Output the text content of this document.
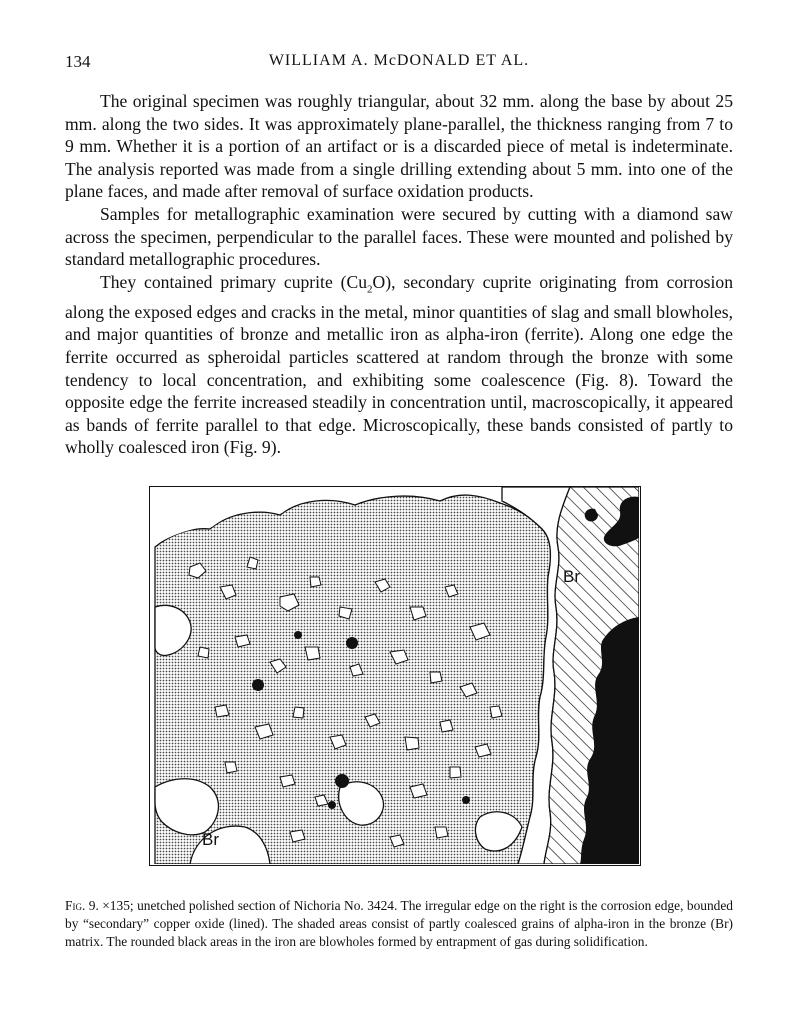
134	WILLIAM A. McDONALD ET AL.

The original specimen was roughly triangular, about 32 mm. along the base by about 25 mm. along the two sides. It was approximately plane-parallel, the thickness ranging from 7 to 9 mm. Whether it is a portion of an artifact or is a discarded piece of metal is indeterminate. The analysis reported was made from a single drilling extending about 5 mm. into one of the plane faces, and made after removal of surface oxidation products.

Samples for metallographic examination were secured by cutting with a diamond saw across the specimen, perpendicular to the parallel faces. These were mounted and polished by standard metallographic procedures.

They contained primary cuprite $(Cu_2O)$, secondary cuprite originating from corrosion along the exposed edges and cracks in the metal, minor quantities of slag and small blowholes, and major quantities of bronze and metallic iron as alpha-iron (ferrite). Along one edge the ferrite occurred as spheroidal particles scattered at random through the bronze with some tendency to local concentration, and exhibiting some coalescence (Fig. 8). Toward the opposite edge the ferrite increased steadily in concentration until, macroscopically, it appeared as bands of ferrite parallel to that edge. Microscopically, these bands consisted of partly to wholly coalesced iron (Fig. 9).

Br
Br
Fig. 9. ×135; unetched polished section of Nichoria No. 3424. The irregular edge on the right is the corrosion edge, bounded by “secondary” copper oxide (lined). The shaded areas consist of partly coalesced grains of alpha-iron in the bronze (Br) matrix. The rounded black areas in the iron are blowholes formed by entrapment of gas during solidification.
